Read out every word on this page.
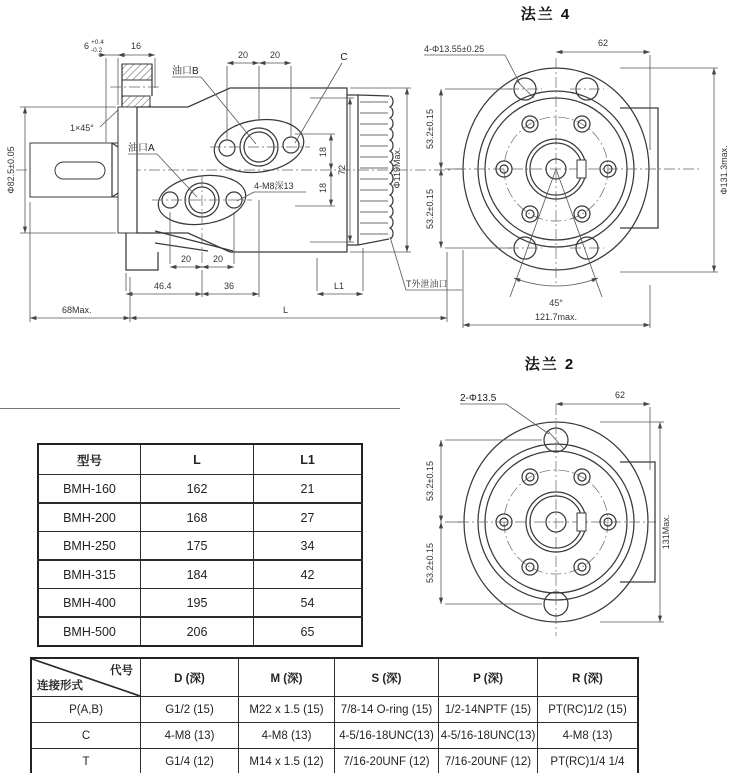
6 +0.4
-0.2	16
20 20	C
油口B
油口A
1×45°
Φ82.5±0.05	4-M8深13
18
18
72	Φ119Max.
20 20
46.4	36	L1	T外泄油口
68Max.	L
法兰 4
4-Φ13.55±0.25
62
53.2±0.15
53.2±0.15
Φ131.3max.
45°
121.7max.
法兰 2
2-Φ13.5	62
53.2±0.15
53.2±0.15
131Max.
型号	L	L1
BMH-160	162	21
BMH-200	168	27
BMH-250	175	34
BMH-315	184	42
BMH-400	195	54
BMH-500	206	65
代号
连接形式	D (深)	M (深)	S (深)	P (深)	R (深)
P(A,B)	G1/2 (15)	M22 x 1.5 (15)	7/8-14 O-ring (15)	1/2-14NPTF (15)	PT(RC)1/2 (15)
C	4-M8 (13)	4-M8 (13)	4-5/16-18UNC(13)	4-5/16-18UNC(13)	4-M8 (13)
T	G1/4 (12)	M14 x 1.5 (12)	7/16-20UNF (12)	7/16-20UNF (12)	PT(RC)1/4 1/4
